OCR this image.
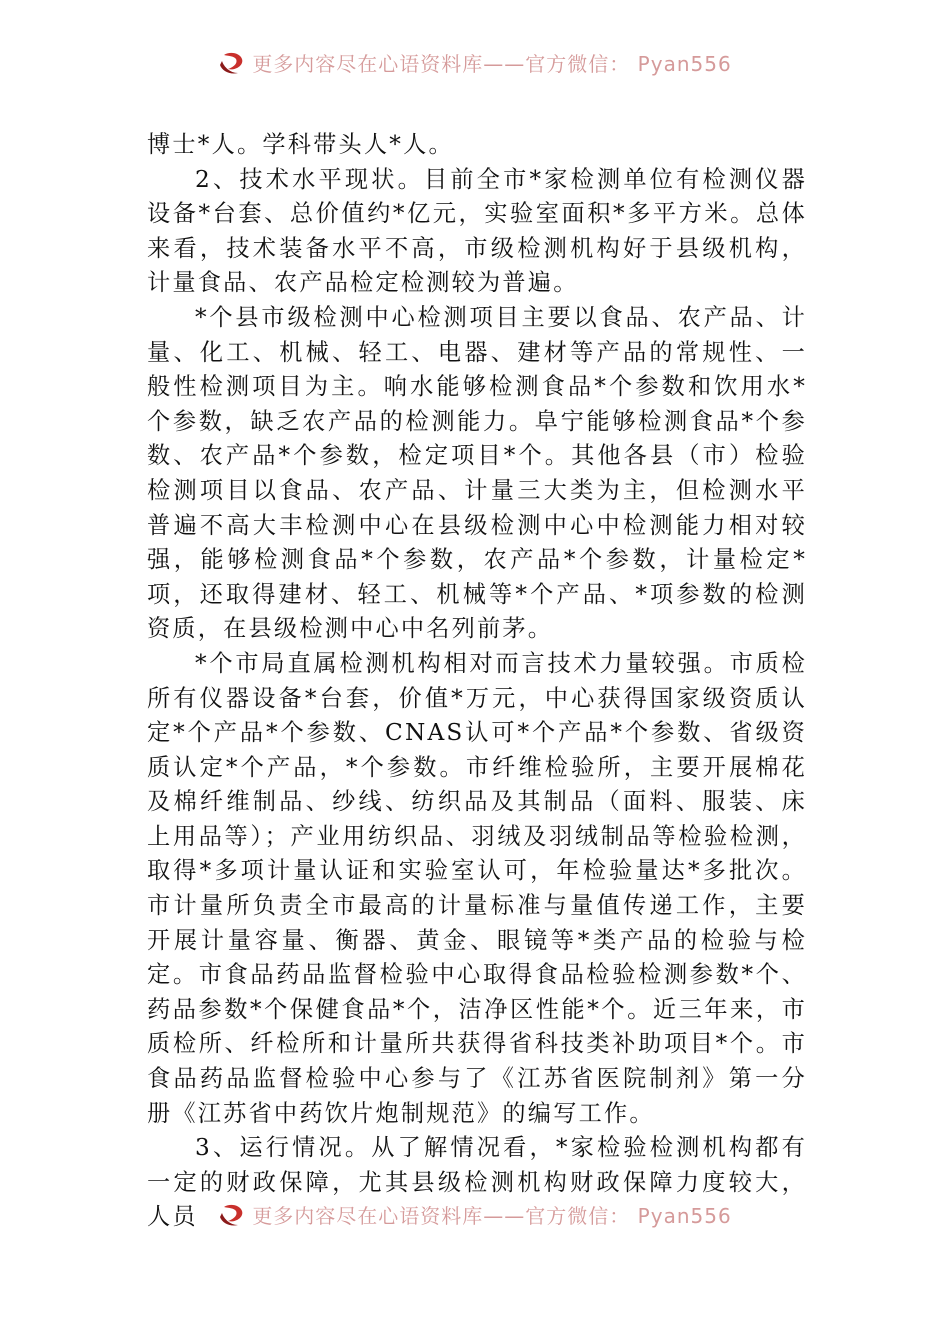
更多内容尽在心语资料库——官方微信： Pyan556

博士*人。学科带头人*人。

2、技术水平现状。目前全市*家检测单位有检测仪器设备*台套、总价值约*亿元，实验室面积*多平方米。总体来看，技术装备水平不高，市级检测机构好于县级机构，计量食品、农产品检定检测较为普遍。

*个县市级检测中心检测项目主要以食品、农产品、计量、化工、机械、轻工、电器、建材等产品的常规性、一般性检测项目为主。响水能够检测食品*个参数和饮用水*个参数，缺乏农产品的检测能力。阜宁能够检测食品*个参数、农产品*个参数，检定项目*个。其他各县（市）检验检测项目以食品、农产品、计量三大类为主，但检测水平普遍不高大丰检测中心在县级检测中心中检测能力相对较强，能够检测食品*个参数，农产品*个参数，计量检定*项，还取得建材、轻工、机械等*个产品、*项参数的检测资质，在县级检测中心中名列前茅。

*个市局直属检测机构相对而言技术力量较强。市质检所有仪器设备*台套，价值*万元，中心获得国家级资质认定*个产品*个参数、CNAS认可*个产品*个参数、省级资质认定*个产品，*个参数。市纤维检验所，主要开展棉花及棉纤维制品、纱线、纺织品及其制品（面料、服装、床上用品等）；产业用纺织品、羽绒及羽绒制品等检验检测，取得*多项计量认证和实验室认可，年检验量达*多批次。市计量所负责全市最高的计量标准与量值传递工作，主要开展计量容量、衡器、黄金、眼镜等*类产品的检验与检定。市食品药品监督检验中心取得食品检验检测参数*个、药品参数*个保健食品*个，洁净区性能*个。近三年来，市质检所、纤检所和计量所共获得省科技类补助项目*个。市食品药品监督检验中心参与了《江苏省医院制剂》第一分册《江苏省中药饮片炮制规范》的编写工作。

3、运行情况。从了解情况看，*家检验检测机构都有一定的财政保障，尤其县级检测机构财政保障力度较大，人员	更多内容尽在心语资料库——官方微信： Pyan556
